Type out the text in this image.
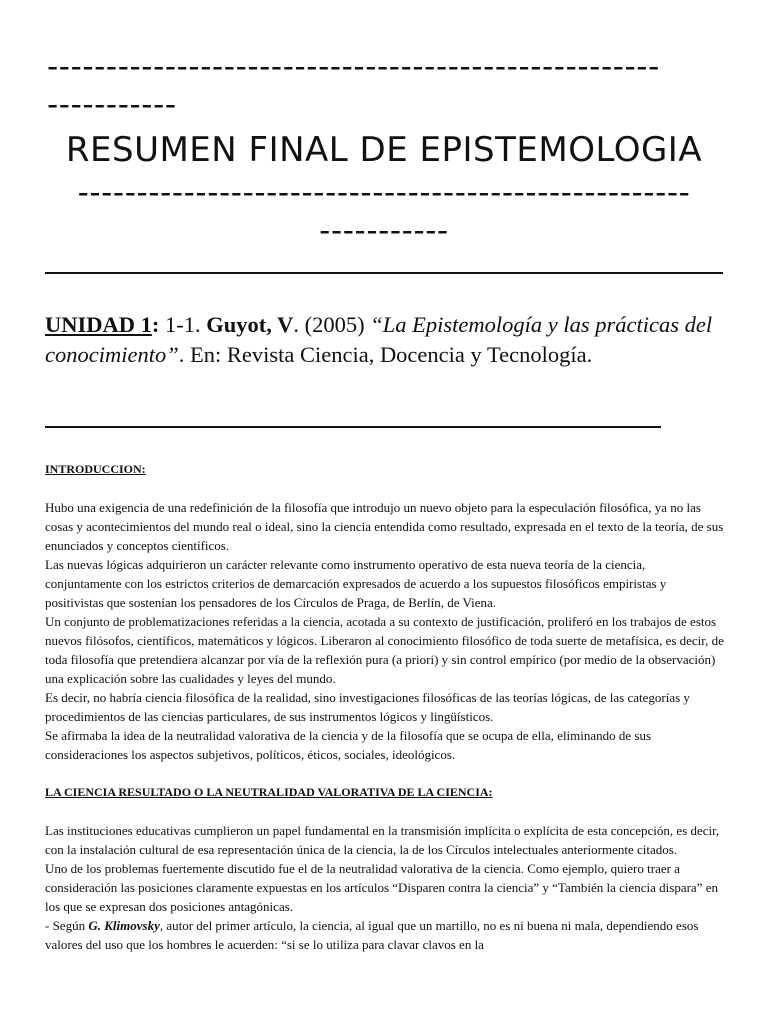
----------------------------------------------------
-----------
RESUMEN FINAL DE EPISTEMOLOGIA
----------------------------------------------------
-----------
UNIDAD 1: 1-1. Guyot, V. (2005) “La Epistemología y las prácticas del conocimiento”. En: Revista Ciencia, Docencia y Tecnología.

INTRODUCCION:

Hubo una exigencia de una redefinición de la filosofía que introdujo un nuevo objeto para la especulación filosófica, ya no las cosas y acontecimientos del mundo real o ideal, sino la ciencia entendida como resultado, expresada en el texto de la teoría, de sus enunciados y conceptos científicos.

Las nuevas lógicas adquirieron un carácter relevante como instrumento operativo de esta nueva teoría de la ciencia, conjuntamente con los estrictos criterios de demarcación expresados de acuerdo a los supuestos filosóficos empiristas y positivistas que sostenían los pensadores de los Círculos de Praga, de Berlín, de Viena.

Un conjunto de problematizaciones referidas a la ciencia, acotada a su contexto de justificación, proliferó en los trabajos de estos nuevos filósofos, científicos, matemáticos y lógicos. Liberaron al conocimiento filosófico de toda suerte de metafísica, es decir, de toda filosofía que pretendiera alcanzar por vía de la reflexión pura (a priori) y sin control empírico (por medio de la observación) una explicación sobre las cualidades y leyes del mundo.

Es decir, no habría ciencia filosófica de la realidad, sino investigaciones filosóficas de las teorías lógicas, de las categorías y procedimientos de las ciencias particulares, de sus instrumentos lógicos y lingüísticos.

Se afirmaba la idea de la neutralidad valorativa de la ciencia y de la filosofía que se ocupa de ella, eliminando de sus consideraciones los aspectos subjetivos, políticos, éticos, sociales, ideológicos.

LA CIENCIA RESULTADO O LA NEUTRALIDAD VALORATIVA DE LA CIENCIA:

Las instituciones educativas cumplieron un papel fundamental en la transmisión implícita o explícita de esta concepción, es decir, con la instalación cultural de esa representación única de la ciencia, la de los Círculos intelectuales anteriormente citados.

Uno de los problemas fuertemente discutido fue el de la neutralidad valorativa de la ciencia. Como ejemplo, quiero traer a consideración las posiciones claramente expuestas en los artículos “Disparen contra la ciencia” y “También la ciencia dispara” en los que se expresan dos posiciones antagónicas.

- Según G. Klimovsky, autor del primer artículo, la ciencia, al igual que un martillo, no es ni buena ni mala, dependiendo esos valores del uso que los hombres le acuerden: “si se lo utiliza para clavar clavos en la
